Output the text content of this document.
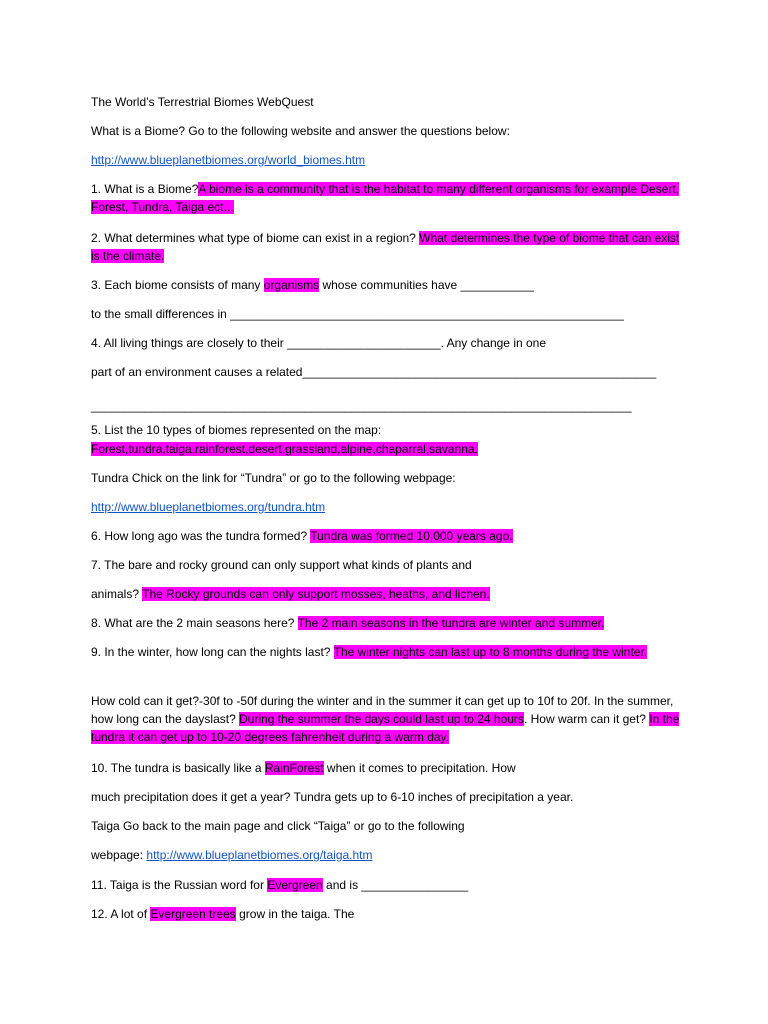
The World’s Terrestrial Biomes WebQuest
What is a Biome? Go to the following website and answer the questions below:
http://www.blueplanetbiomes.org/world_biomes.htm
1. What is a Biome?A biome is a community that is the habitat to many different organisms for example Desert, Forest, Tundra, Taiga ect...
2. What determines what type of biome can exist in a region? What determines the type of biome that can exist is the climate.
3. Each biome consists of many organisms whose communities have ___________
to the small differences in ___________________________________________________________
4. All living things are closely to their _______________________. Any change in one
part of an environment causes a related_____________________________________________________
_________________________________________________________________________________
5. List the 10 types of biomes represented on the map:
Forest,tundra,taiga,rainforest,desert,grassland,alpine,chaparral,savanna.
Tundra Chick on the link for “Tundra” or go to the following webpage:
http://www.blueplanetbiomes.org/tundra.htm
6. How long ago was the tundra formed? Tundra was formed 10,000 years ago.
7. The bare and rocky ground can only support what kinds of plants and
animals? The Rocky grounds can only support mosses, heaths, and lichen.
8. What are the 2 main seasons here? The 2 main seasons in the tundra are winter and summer.
9. In the winter, how long can the nights last? The winter nights can last up to 8 months during the winter.
How cold can it get?-30f to -50f during the winter and in the summer it can get up to 10f to 20f. In the summer, how long can the dayslast? During the summer the days could last up to 24 hours. How warm can it get? In the tundra it can get up to 10-20 degrees fahrenheit during a warm day.
10. The tundra is basically like a RainForest when it comes to precipitation. How
much precipitation does it get a year? Tundra gets up to 6-10 inches of precipitation a year.
Taiga Go back to the main page and click “Taiga” or go to the following
webpage: http://www.blueplanetbiomes.org/taiga.htm
11. Taiga is the Russian word for Evergreen and is ________________
12. A lot of Evergreen trees grow in the taiga. The
